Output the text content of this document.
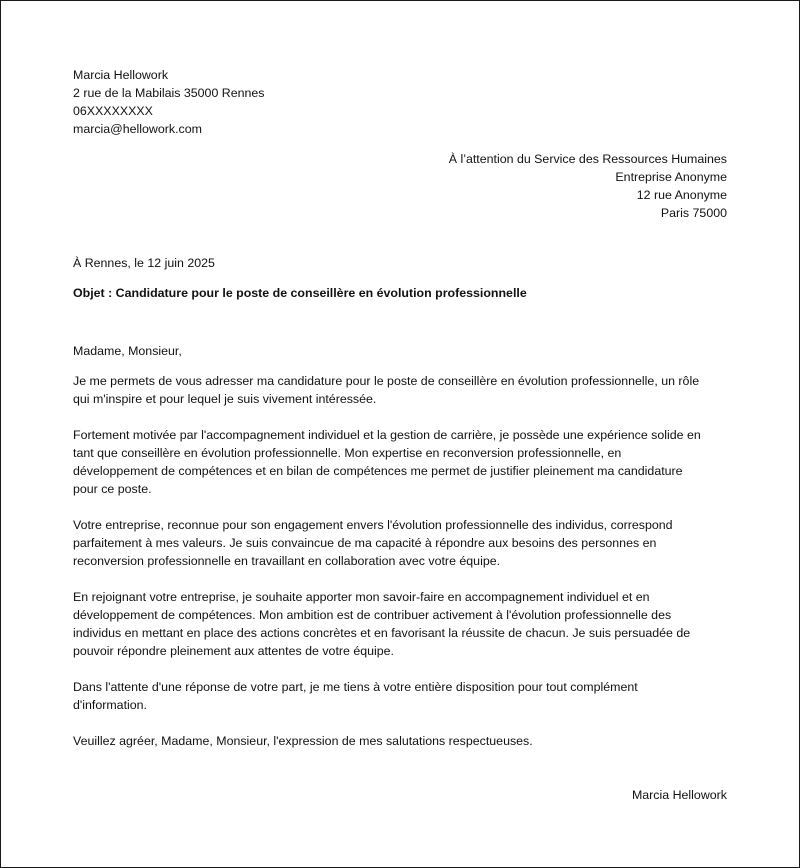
Marcia Hellowork
2 rue de la Mabilais 35000 Rennes
06XXXXXXXX
marcia@hellowork.com
À l’attention du Service des Ressources Humaines
Entreprise Anonyme
12 rue Anonyme
Paris 75000
À Rennes, le 12 juin 2025
Objet : Candidature pour le poste de conseillère en évolution professionnelle
Madame, Monsieur,

Je me permets de vous adresser ma candidature pour le poste de conseillère en évolution professionnelle, un rôle
qui m'inspire et pour lequel je suis vivement intéressée.

Fortement motivée par l'accompagnement individuel et la gestion de carrière, je possède une expérience solide en
tant que conseillère en évolution professionnelle. Mon expertise en reconversion professionnelle, en
développement de compétences et en bilan de compétences me permet de justifier pleinement ma candidature
pour ce poste.

Votre entreprise, reconnue pour son engagement envers l'évolution professionnelle des individus, correspond
parfaitement à mes valeurs. Je suis convaincue de ma capacité à répondre aux besoins des personnes en
reconversion professionnelle en travaillant en collaboration avec votre équipe.

En rejoignant votre entreprise, je souhaite apporter mon savoir-faire en accompagnement individuel et en
développement de compétences. Mon ambition est de contribuer activement à l'évolution professionnelle des
individus en mettant en place des actions concrètes et en favorisant la réussite de chacun. Je suis persuadée de
pouvoir répondre pleinement aux attentes de votre équipe.

Dans l'attente d'une réponse de votre part, je me tiens à votre entière disposition pour tout complément
d'information.

Veuillez agréer, Madame, Monsieur, l'expression de mes salutations respectueuses.

Marcia Hellowork
